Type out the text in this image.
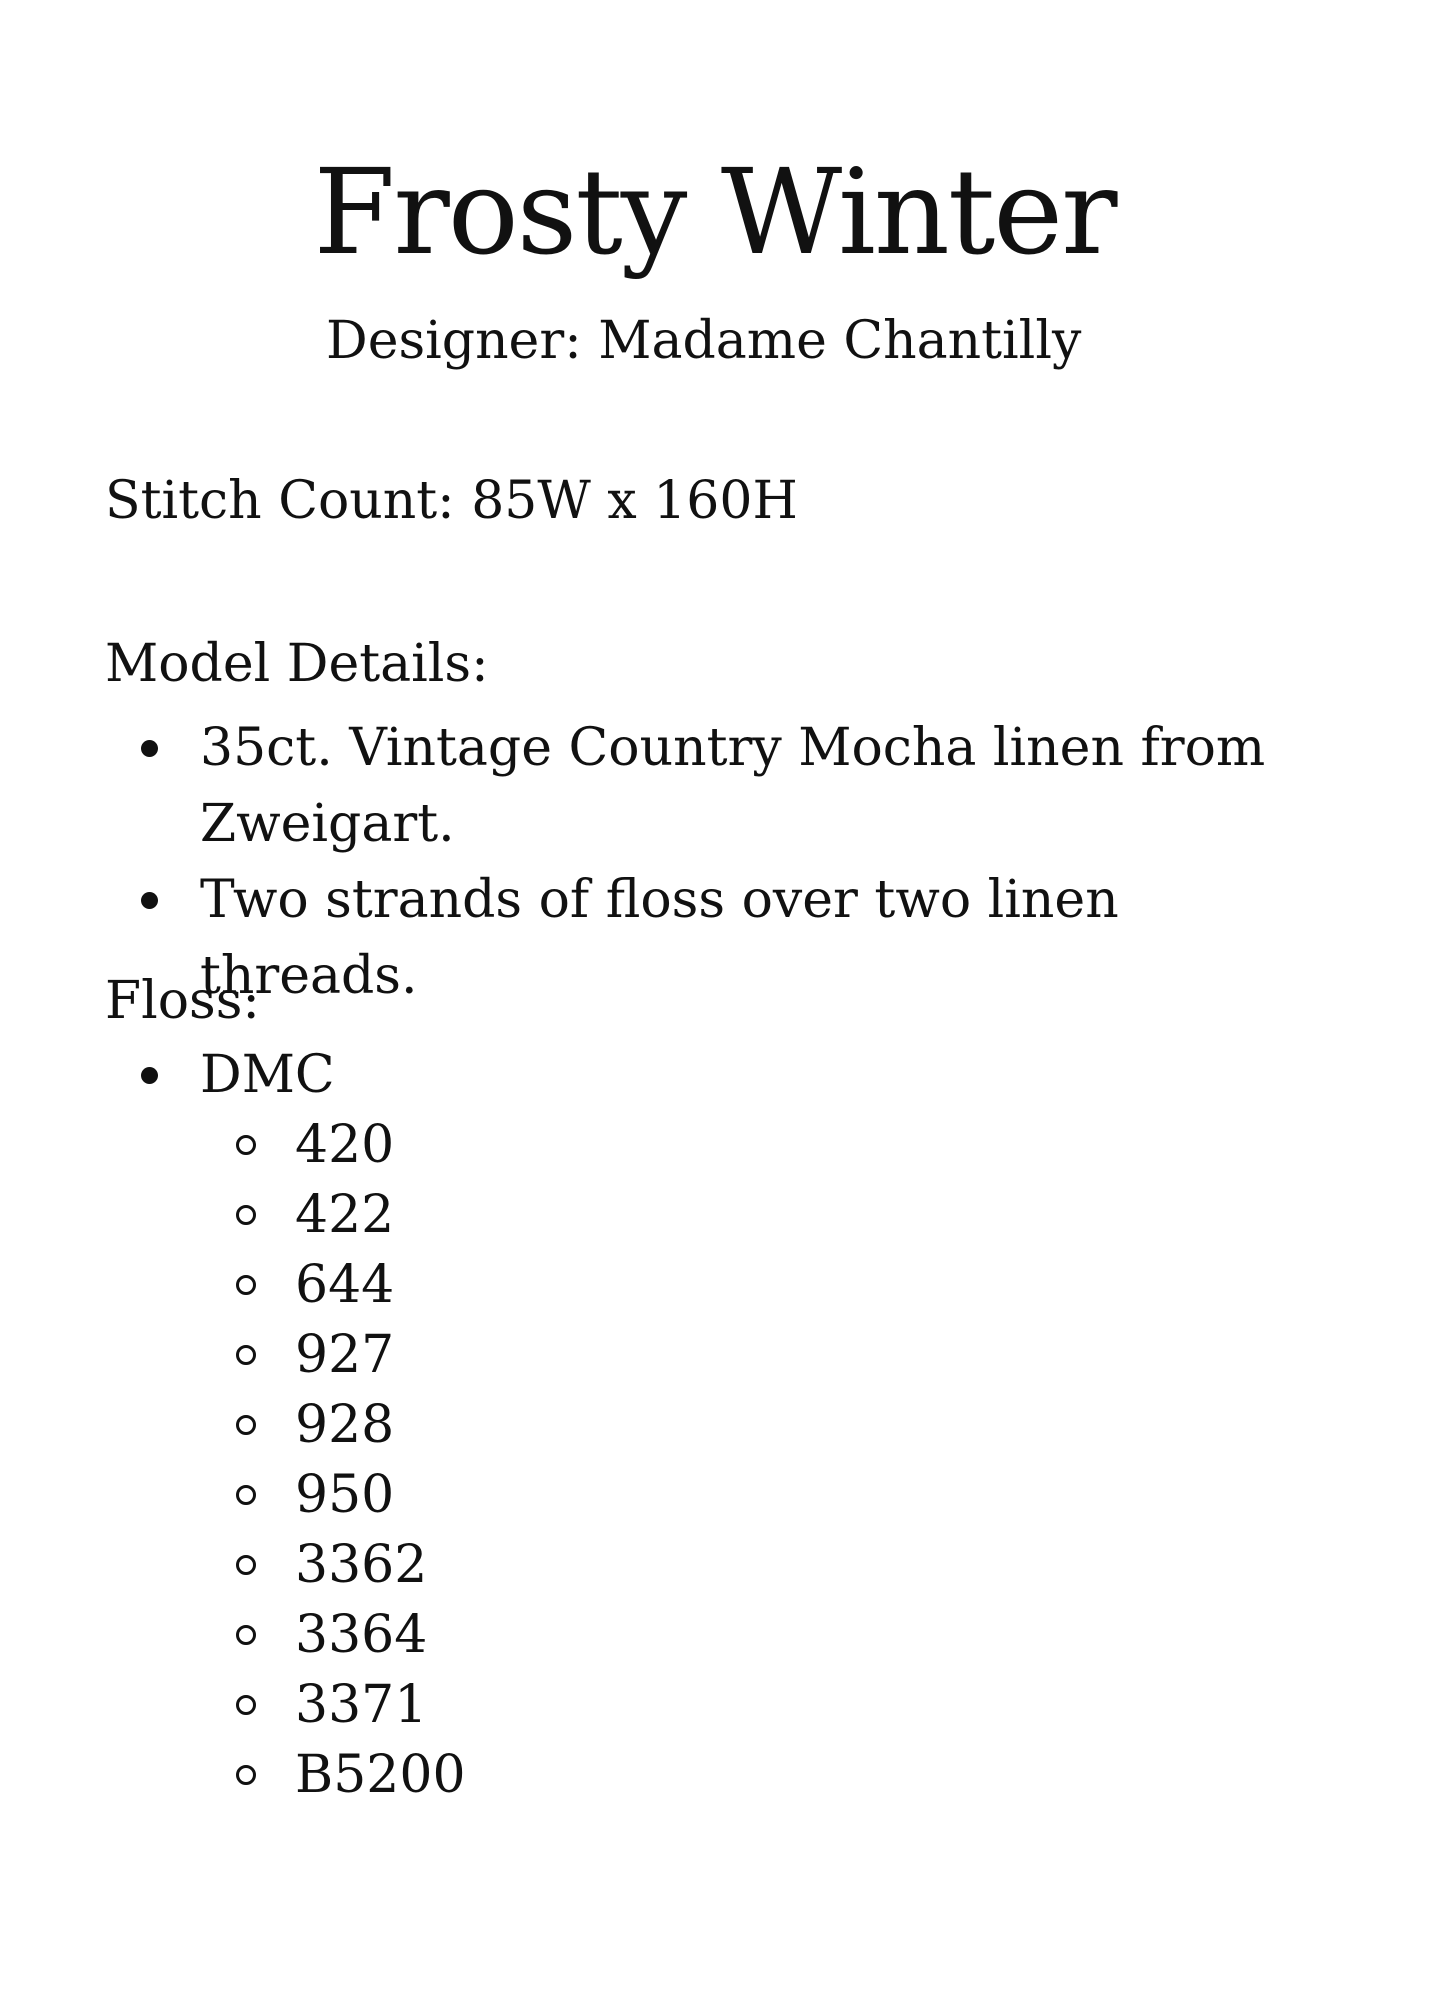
Frosty Winter

Designer: Madame Chantilly

Stitch Count: 85W x 160H

Model Details:

35ct. Vintage Country Mocha linen from Zweigart.
Two strands of floss over two linen threads.

Floss:

DMC
420
422
644
927
928
950
3362
3364
3371
B5200
